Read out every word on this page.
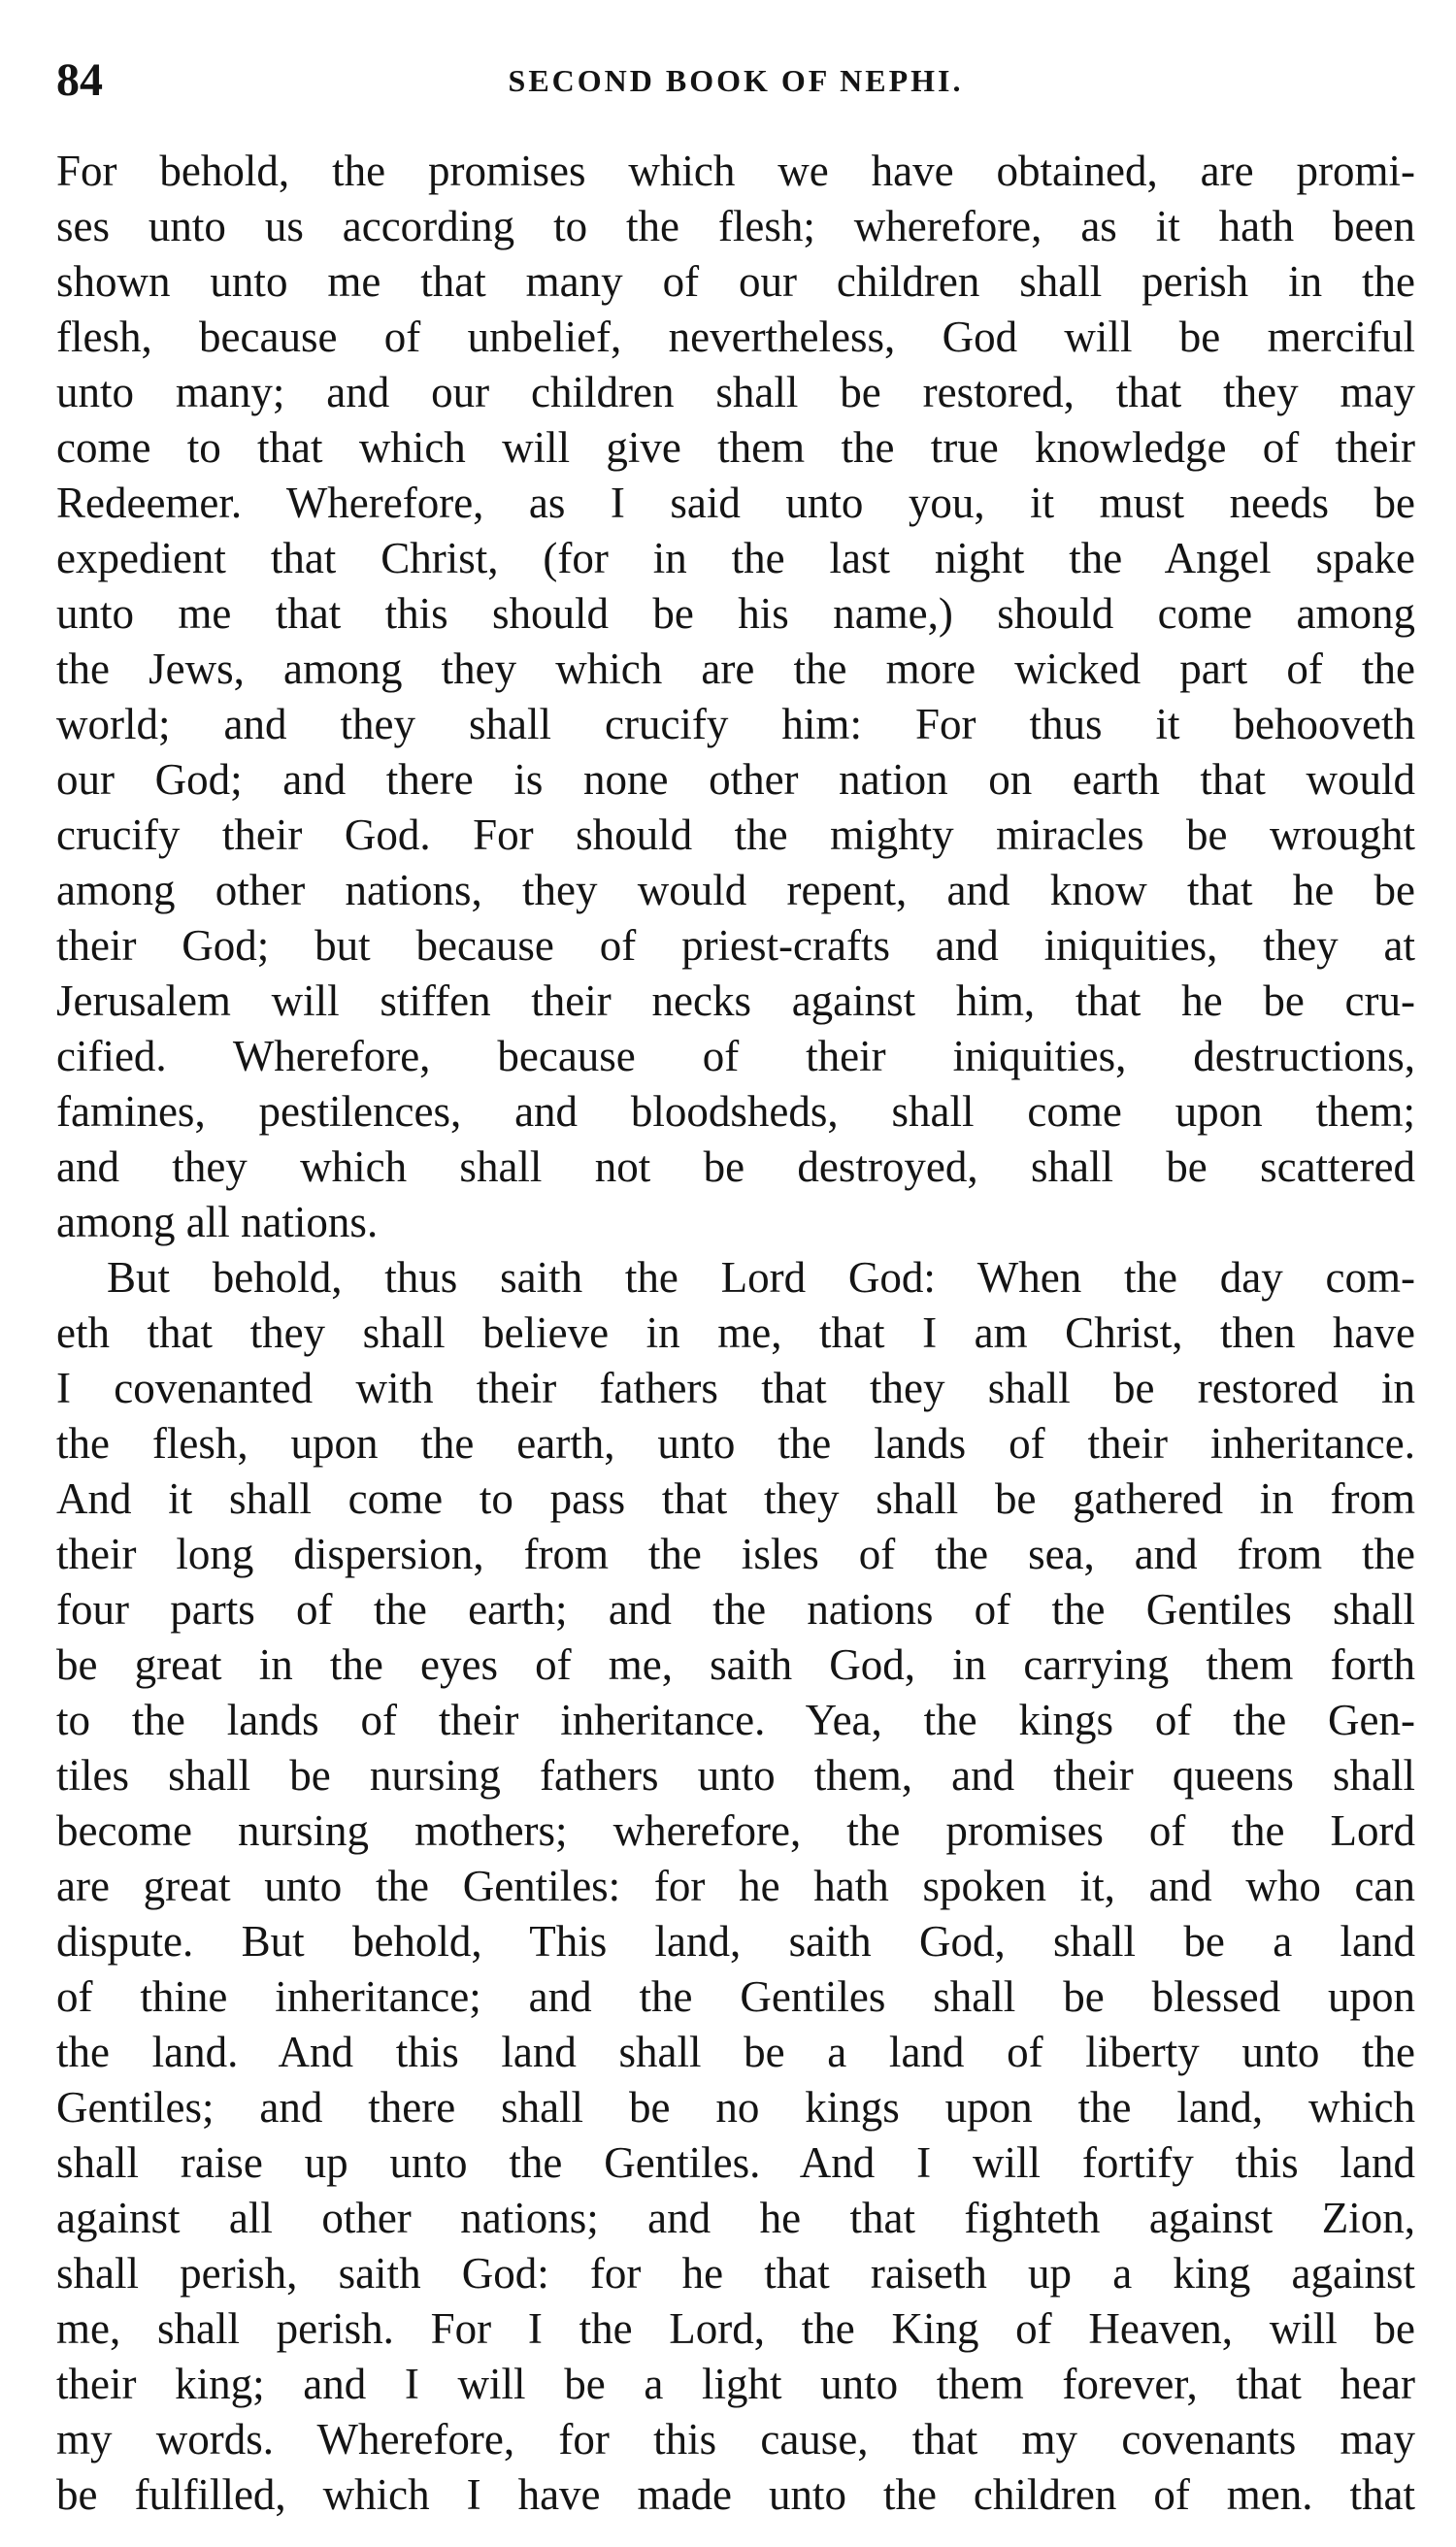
84	SECOND BOOK OF NEPHI.
For behold, the promises which we have obtained, are promi-
ses unto us according to the flesh; wherefore, as it hath been
shown unto me that many of our children shall perish in the
flesh, because of unbelief, nevertheless, God will be merciful
unto many; and our children shall be restored, that they may
come to that which will give them the true knowledge of their
Redeemer. Wherefore, as I said unto you, it must needs be
expedient that Christ, (for in the last night the Angel spake
unto me that this should be his name,) should come among
the Jews, among they which are the more wicked part of the
world; and they shall crucify him: For thus it behooveth
our God; and there is none other nation on earth that would
crucify their God. For should the mighty miracles be wrought
among other nations, they would repent, and know that he be
their God; but because of priest-crafts and iniquities, they at
Jerusalem will stiffen their necks against him, that he be cru-
cified. Wherefore, because of their iniquities, destructions,
famines, pestilences, and bloodsheds, shall come upon them;
and they which shall not be destroyed, shall be scattered
among all nations.
But behold, thus saith the Lord God: When the day com-
eth that they shall believe in me, that I am Christ, then have
I covenanted with their fathers that they shall be restored in
the flesh, upon the earth, unto the lands of their inheritance.
And it shall come to pass that they shall be gathered in from
their long dispersion, from the isles of the sea, and from the
four parts of the earth; and the nations of the Gentiles shall
be great in the eyes of me, saith God, in carrying them forth
to the lands of their inheritance. Yea, the kings of the Gen-
tiles shall be nursing fathers unto them, and their queens shall
become nursing mothers; wherefore, the promises of the Lord
are great unto the Gentiles: for he hath spoken it, and who can
dispute. But behold, This land, saith God, shall be a land
of thine inheritance; and the Gentiles shall be blessed upon
the land. And this land shall be a land of liberty unto the
Gentiles; and there shall be no kings upon the land, which
shall raise up unto the Gentiles. And I will fortify this land
against all other nations; and he that fighteth against Zion,
shall perish, saith God: for he that raiseth up a king against
me, shall perish. For I the Lord, the King of Heaven, will be
their king; and I will be a light unto them forever, that hear
my words. Wherefore, for this cause, that my covenants may
be fulfilled, which I have made unto the children of men. that
